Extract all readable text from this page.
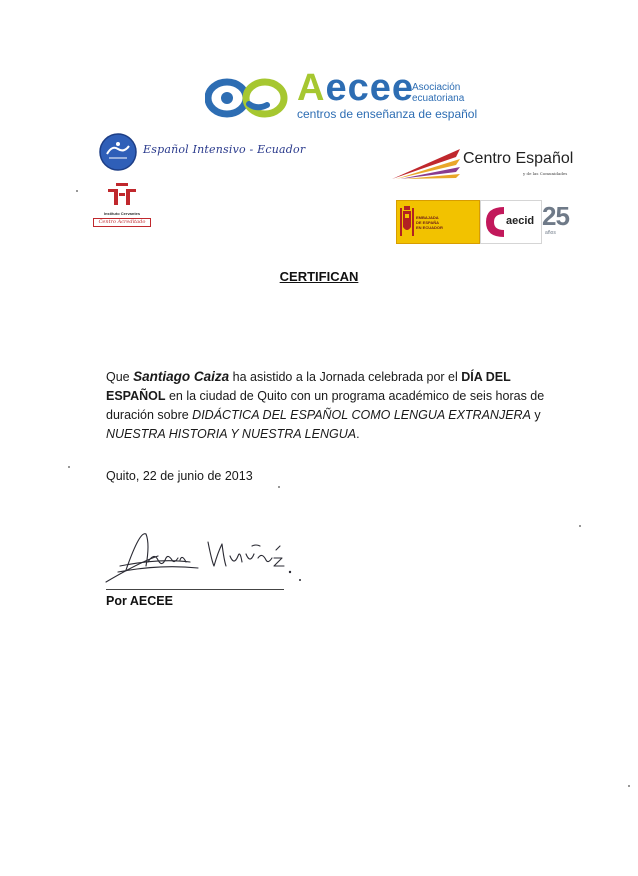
Aecee
Asociación
ecuatoriana
centros de enseñanza de español
Español Intensivo - Ecuador
Instituto Cervantes
Centro Acreditado
Centro Español
y de las Comunidades
EMBAJADA
DE ESPAÑA
EN ECUADOR
aecid 25
años
CERTIFICAN
Que Santiago Caiza ha asistido a la Jornada celebrada por el DÍA DEL
ESPAÑOL en la ciudad de Quito con un programa académico de seis horas de
duración sobre DIDÁCTICA DEL ESPAÑOL COMO LENGUA EXTRANJERA y
NUESTRA HISTORIA Y NUESTRA LENGUA.
Quito, 22 de junio de 2013
Por AECEE
